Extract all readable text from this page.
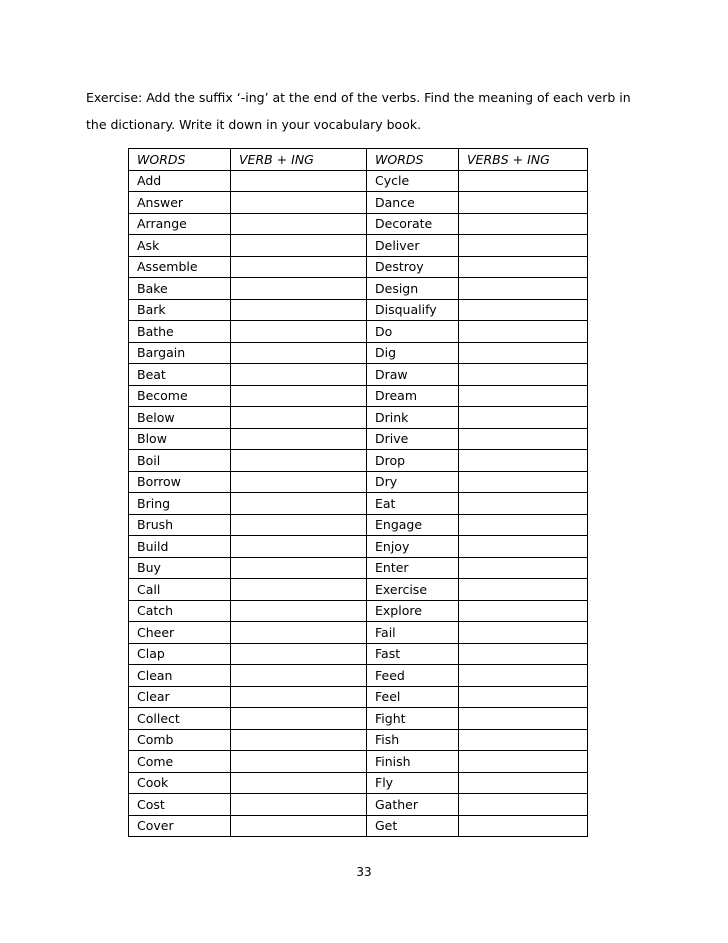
Exercise: Add the suffix ‘-ing’ at the end of the verbs. Find the meaning of each verb in

the dictionary. Write it down in your vocabulary book.

WORDS	VERB + ING	WORDS	VERBS + ING
Add		Cycle	
Answer		Dance	
Arrange		Decorate	
Ask		Deliver	
Assemble		Destroy	
Bake		Design	
Bark		Disqualify	
Bathe		Do	
Bargain		Dig	
Beat		Draw	
Become		Dream	
Below		Drink	
Blow		Drive	
Boil		Drop	
Borrow		Dry	
Bring		Eat	
Brush		Engage	
Build		Enjoy	
Buy		Enter	
Call		Exercise	
Catch		Explore	
Cheer		Fail	
Clap		Fast	
Clean		Feed	
Clear		Feel	
Collect		Fight	
Comb		Fish	
Come		Finish	
Cook		Fly	
Cost		Gather	
Cover		Get	
33
